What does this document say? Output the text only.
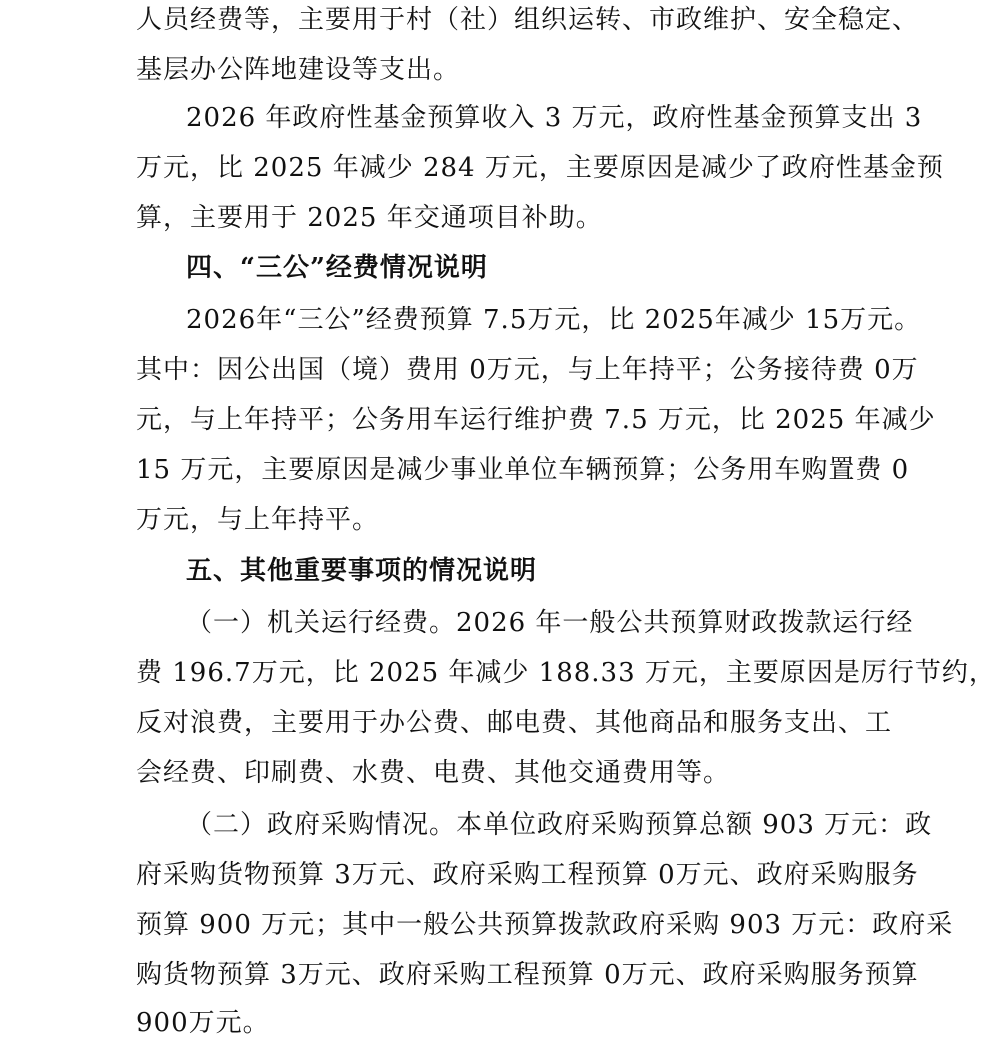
人员经费等，主要用于村（社）组织运转、市政维护、安全稳定、
基层办公阵地建设等支出。
2026 年政府性基金预算收入 3 万元，政府性基金预算支出 3
万元，比 2025 年减少 284 万元，主要原因是减少了政府性基金预
算，主要用于 2025 年交通项目补助。
四、“三公”经费情况说明
2026年“三公”经费预算 7.5万元，比 2025年减少 15万元。
其中：因公出国（境）费用 0万元，与上年持平；公务接待费 0万
元，与上年持平；公务用车运行维护费 7.5 万元，比 2025 年减少
15 万元，主要原因是减少事业单位车辆预算；公务用车购置费 0
万元，与上年持平。
五、其他重要事项的情况说明
（一）机关运行经费。2026 年一般公共预算财政拨款运行经
费 196.7万元，比 2025 年减少 188.33 万元，主要原因是厉行节约，
反对浪费，主要用于办公费、邮电费、其他商品和服务支出、工
会经费、印刷费、水费、电费、其他交通费用等。
（二）政府采购情况。本单位政府采购预算总额 903 万元：政
府采购货物预算 3万元、政府采购工程预算 0万元、政府采购服务
预算 900 万元；其中一般公共预算拨款政府采购 903 万元：政府采
购货物预算 3万元、政府采购工程预算 0万元、政府采购服务预算
900万元。
